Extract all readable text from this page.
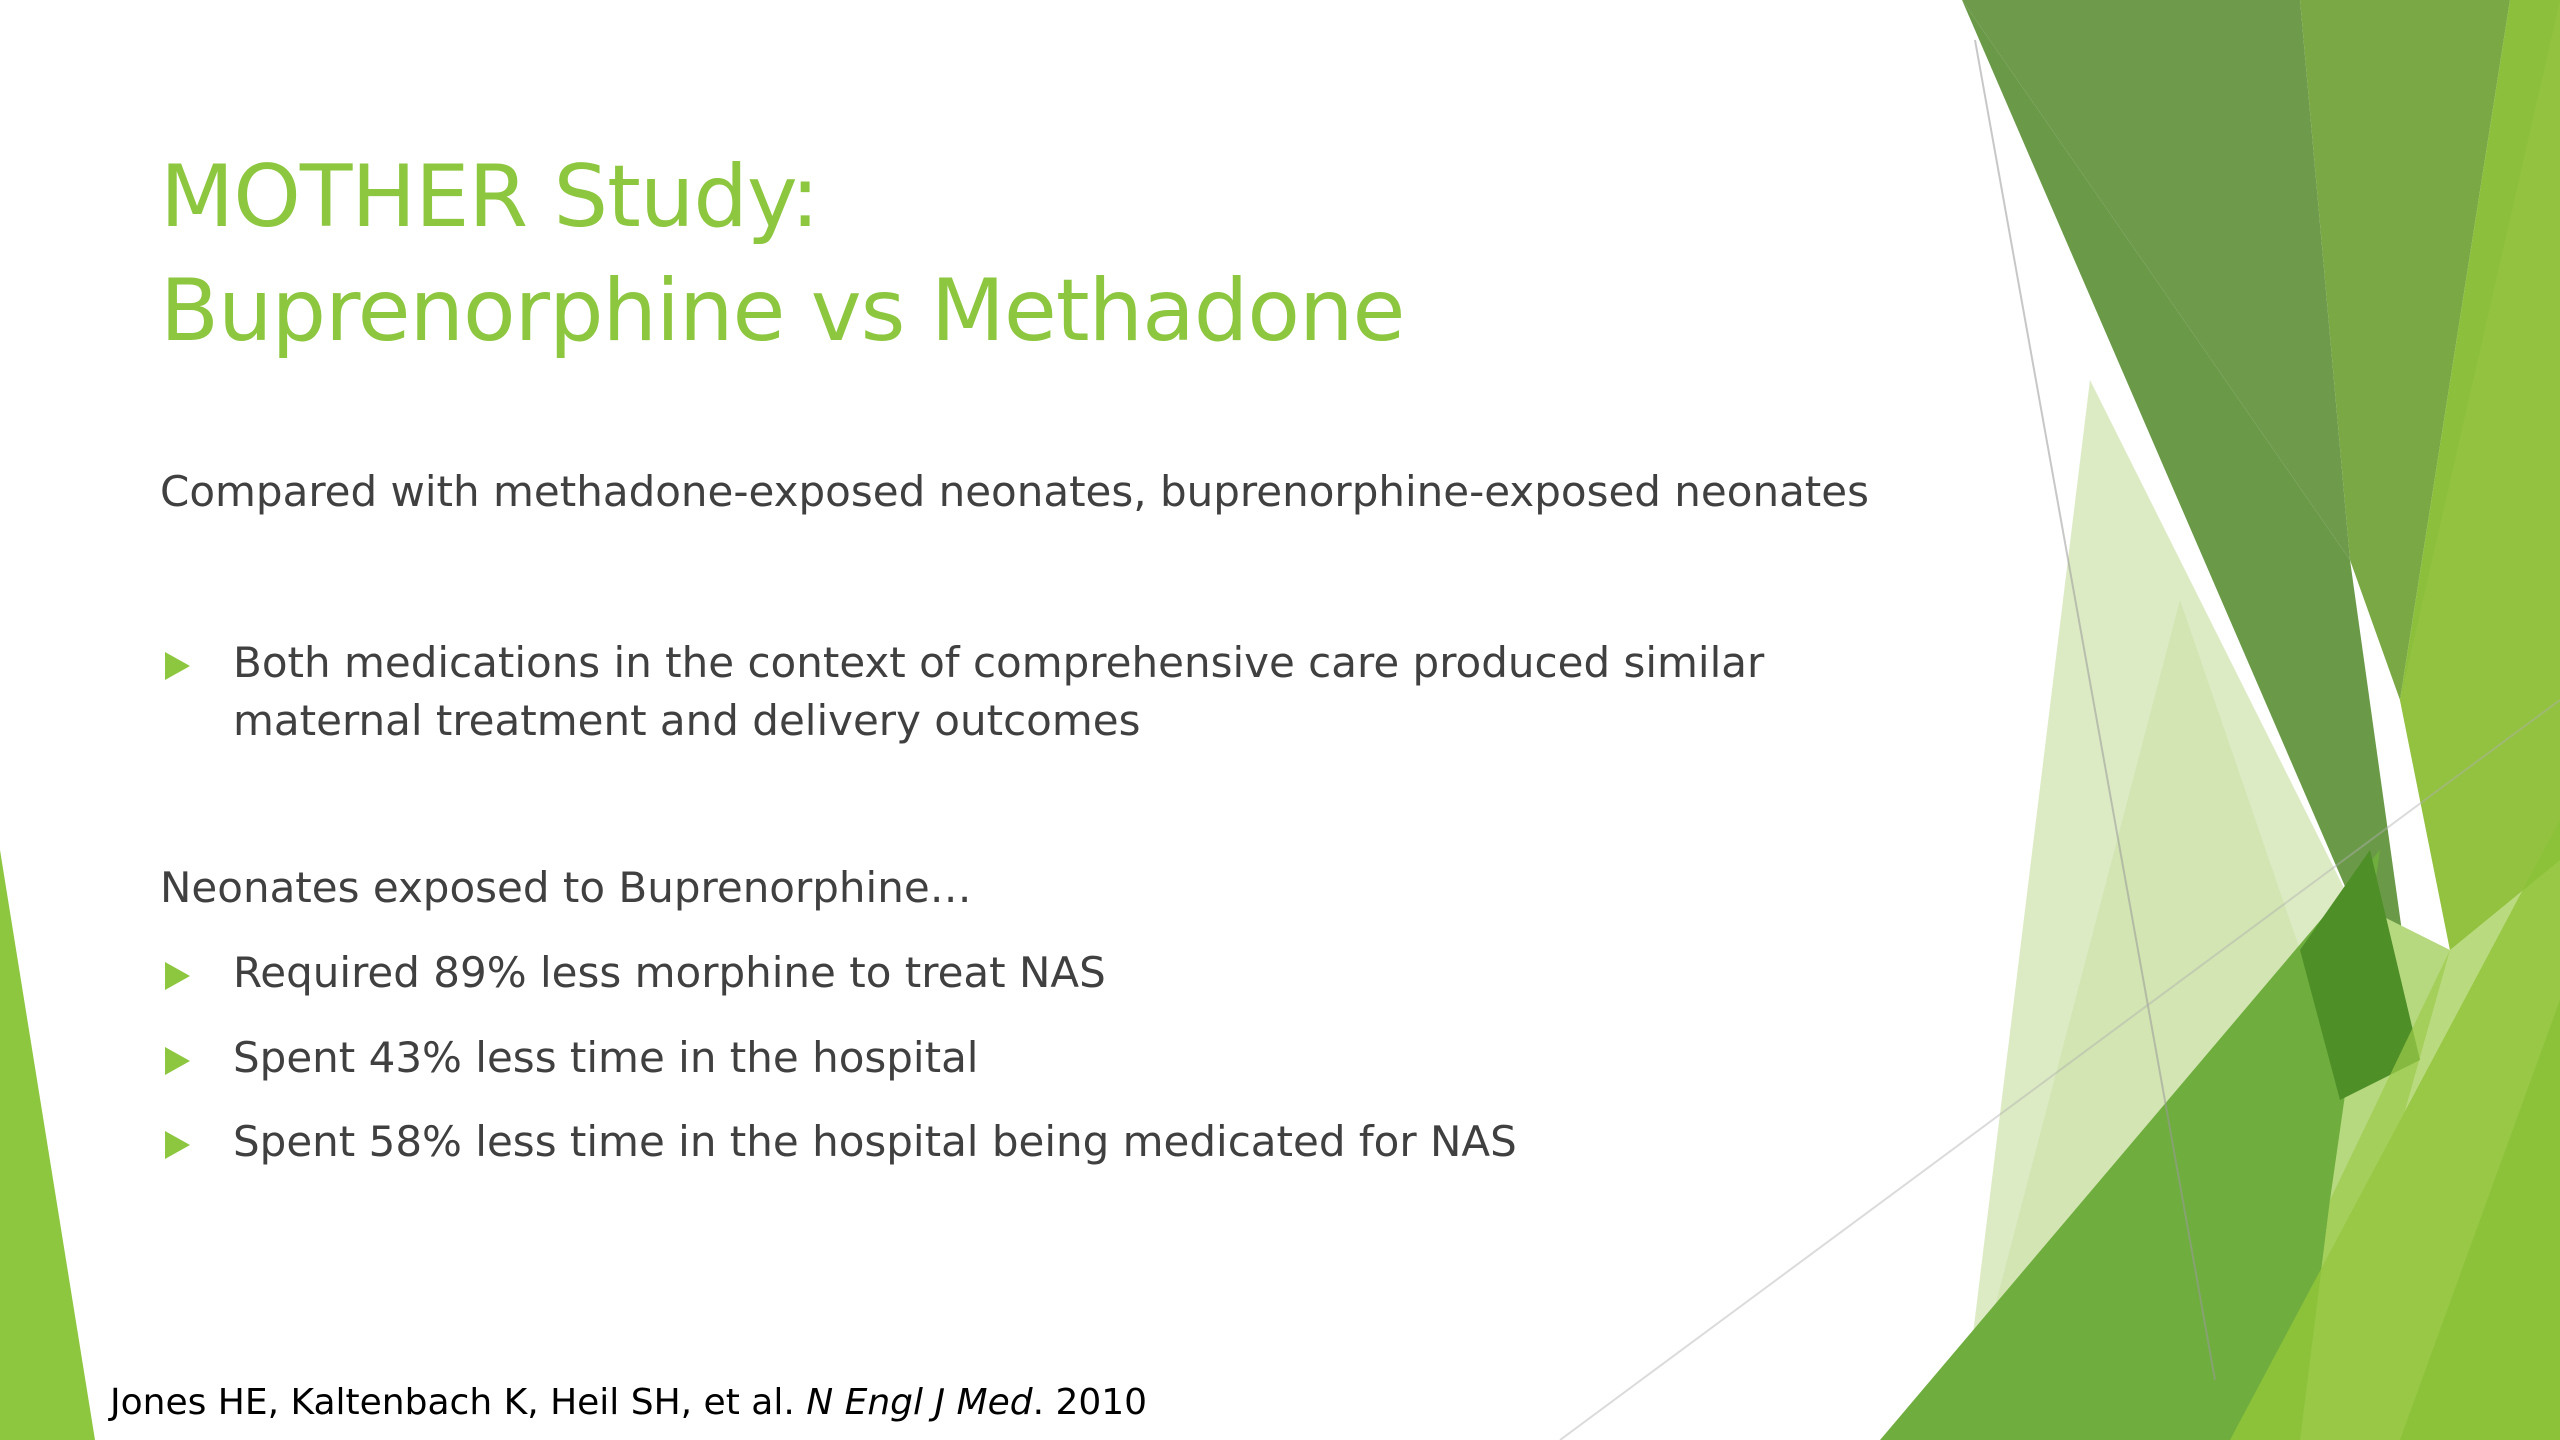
MOTHER Study:
Buprenorphine vs Methadone
Compared with methadone-exposed neonates, buprenorphine-exposed neonates
Both medications in the context of comprehensive care produced similar
maternal treatment and delivery outcomes
Neonates exposed to Buprenorphine…
Required 89% less morphine to treat NAS
Spent 43% less time in the hospital
Spent 58% less time in the hospital being medicated for NAS
Jones HE, Kaltenbach K, Heil SH, et al. N Engl J Med. 2010
